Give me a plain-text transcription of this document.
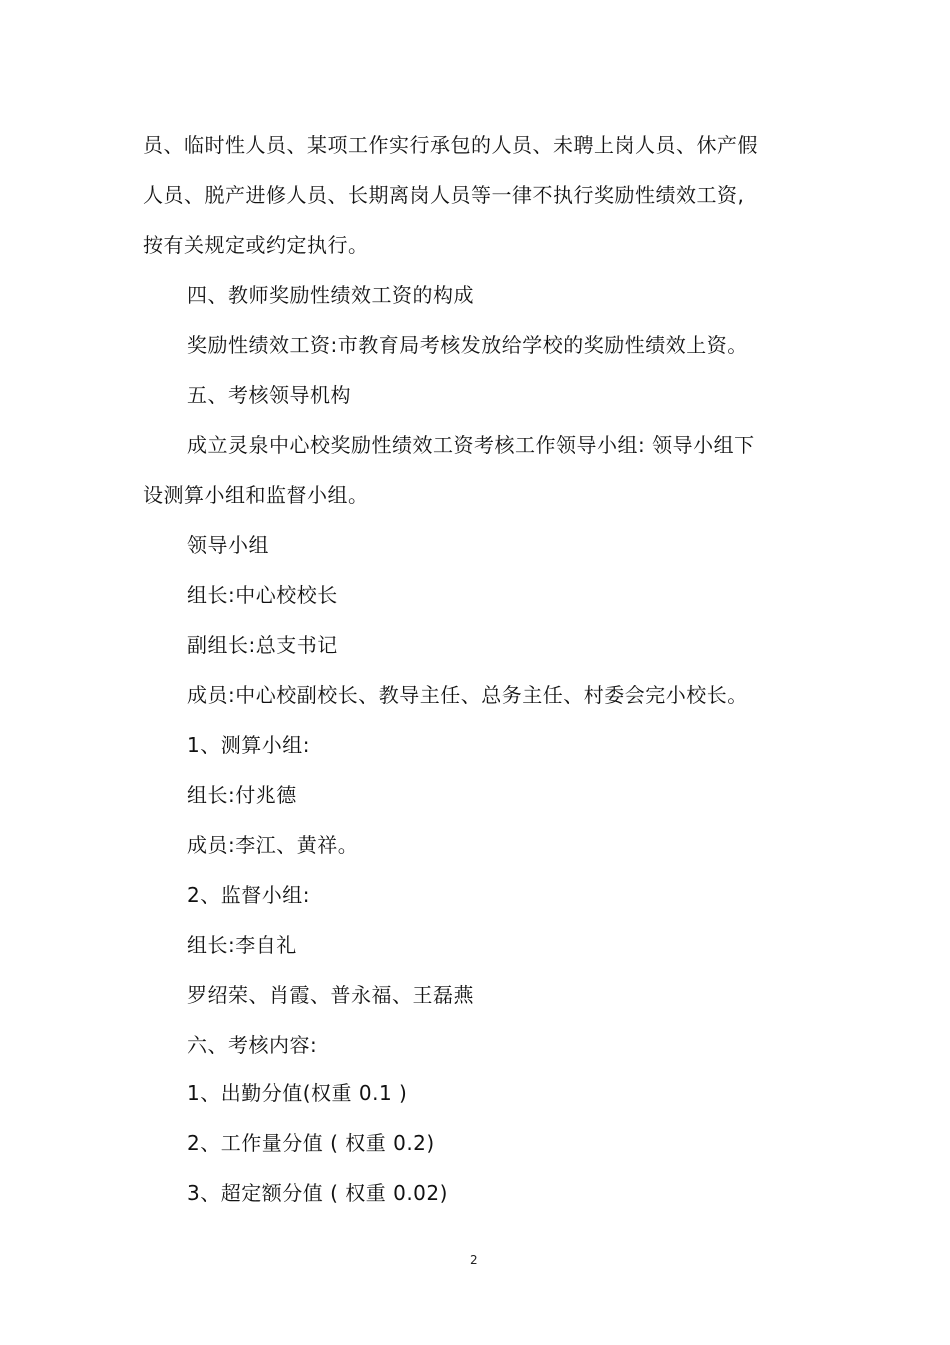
员、临时性人员、某项工作实行承包的人员、未聘上岗人员、休产假
人员、脱产进修人员、长期离岗人员等一律不执行奖励性绩效工资,
按有关规定或约定执行。
四、教师奖励性绩效工资的构成
奖励性绩效工资:市教育局考核发放给学校的奖励性绩效上资。
五、考核领导机构
成立灵泉中心校奖励性绩效工资考核工作领导小组: 领导小组下
设测算小组和监督小组。
领导小组
组长:中心校校长
副组长:总支书记
成员:中心校副校长、教导主任、总务主任、村委会完小校长。
1、测算小组:
组长:付兆德
成员:李江、黄祥。
2、监督小组:
组长:李自礼
罗绍荣、肖霞、普永福、王磊燕
六、考核内容:
1、出勤分值(权重 0.1 )
2、工作量分值 ( 权重 0.2)
3、超定额分值 ( 权重 0.02)
2
